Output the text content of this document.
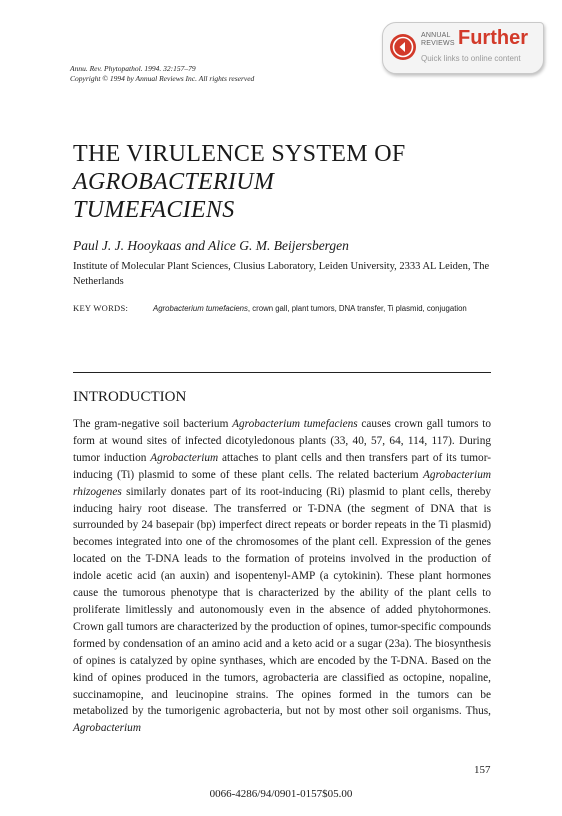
ANNUAL
REVIEWS Further
Quick links to online content
Annu. Rev. Phytopathol. 1994. 32:157–79
Copyright © 1994 by Annual Reviews Inc. All rights reserved
THE VIRULENCE SYSTEM OF
AGROBACTERIUM
TUMEFACIENS
Paul J. J. Hooykaas and Alice G. M. Beijersbergen
Institute of Molecular Plant Sciences, Clusius Laboratory, Leiden University, 2333 AL Leiden, The Netherlands
KEY WORDS:	Agrobacterium tumefaciens, crown gall, plant tumors, DNA transfer, Ti plasmid, conjugation
INTRODUCTION

The gram-negative soil bacterium Agrobacterium tumefaciens causes crown gall tumors to form at wound sites of infected dicotyledonous plants (33, 40, 57, 64, 114, 117). During tumor induction Agrobacterium attaches to plant cells and then transfers part of its tumor-inducing (Ti) plasmid to some of these plant cells. The related bacterium Agrobacterium rhizogenes similarly donates part of its root-inducing (Ri) plasmid to plant cells, thereby inducing hairy root disease. The transferred or T-DNA (the segment of DNA that is surrounded by 24 basepair (bp) imperfect direct repeats or border repeats in the Ti plasmid) becomes integrated into one of the chromosomes of the plant cell. Expression of the genes located on the T-DNA leads to the formation of proteins involved in the production of indole acetic acid (an auxin) and isopentenyl-AMP (a cytokinin). These plant hormones cause the tumorous phenotype that is characterized by the ability of the plant cells to proliferate limitlessly and autonomously even in the absence of added phytohormones. Crown gall tumors are characterized by the production of opines, tumor-specific compounds formed by condensation of an amino acid and a keto acid or a sugar (23a). The biosynthesis of opines is catalyzed by opine synthases, which are encoded by the T-DNA. Based on the kind of opines produced in the tumors, agrobacteria are classified as octopine, nopaline, succinamopine, and leucinopine strains. The opines formed in the tumors can be metabolized by the tumorigenic agrobacteria, but not by most other soil organisms. Thus, Agrobacterium

157
0066-4286/94/0901-0157$05.00
